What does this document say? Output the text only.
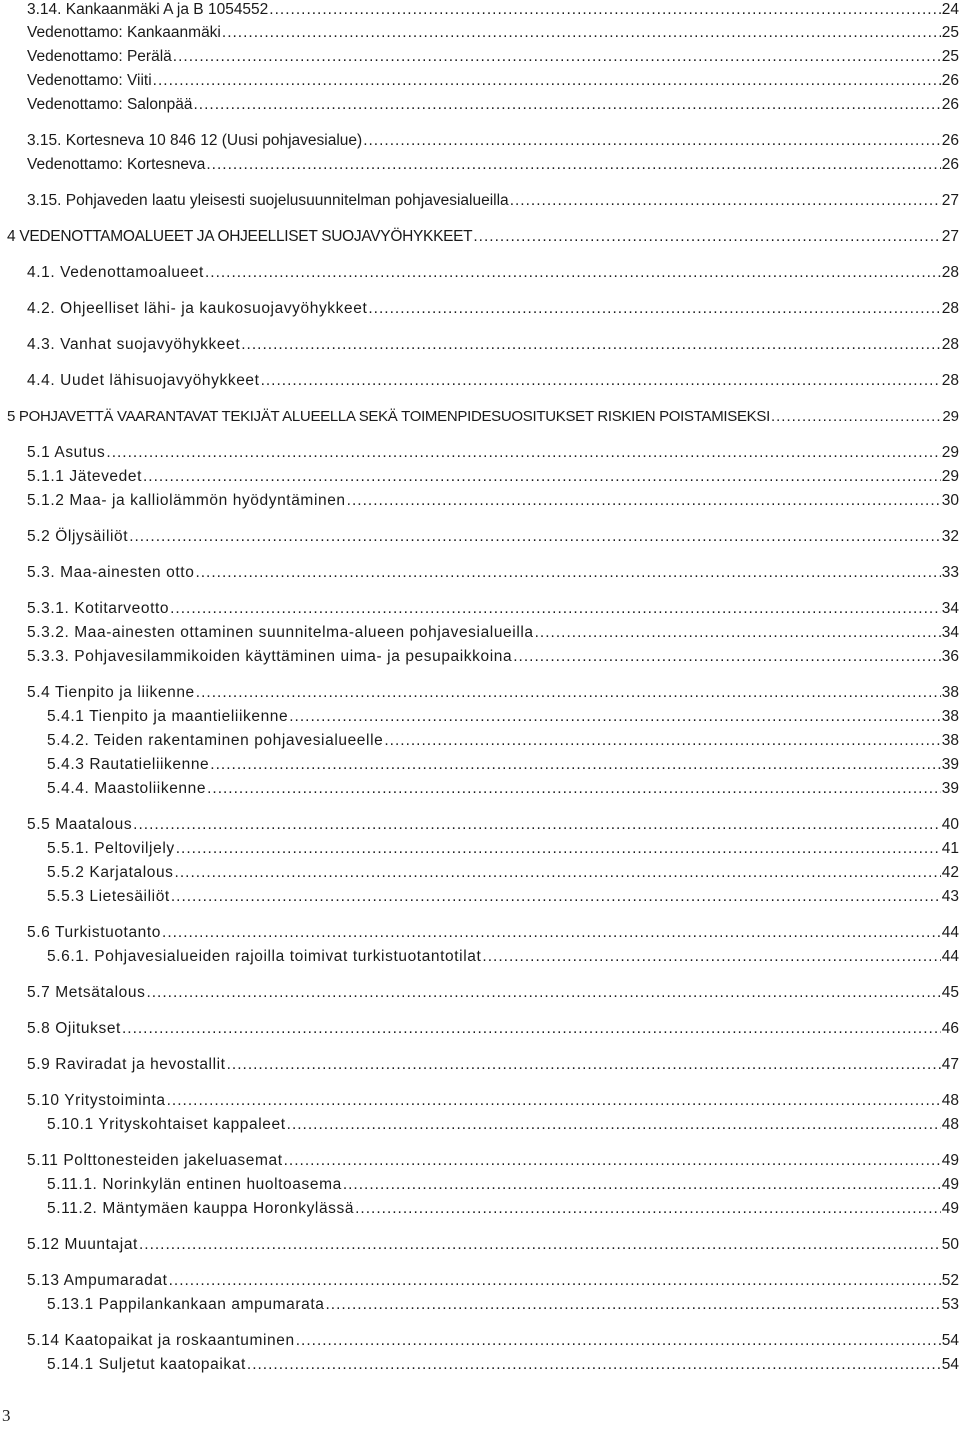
3.14. Kankaanmäki A ja B 1054552 .....	24
Vedenottamo: Kankaanmäki .....	25
Vedenottamo: Perälä .....	25
Vedenottamo: Viiti .....	26
Vedenottamo: Salonpää .....	26
3.15. Kortesneva 10 846 12 (Uusi pohjavesialue) .....	26
Vedenottamo: Kortesneva .....	26
3.15. Pohjaveden laatu yleisesti suojelusuunnitelman pohjavesialueilla .....	27
4 VEDENOTTAMOALUEET JA OHJEELLISET SUOJAVYÖHYKKEET .....	27
4.1. Vedenottamoalueet .....	28
4.2. Ohjeelliset lähi- ja kaukosuojavyöhykkeet .....	28
4.3. Vanhat suojavyöhykkeet .....	28
4.4. Uudet lähisuojavyöhykkeet .....	28
5 POHJAVETTÄ VAARANTAVAT TEKIJÄT ALUEELLA SEKÄ TOIMENPIDESUOSITUKSET RISKIEN POISTAMISEKSI .....	29
5.1 Asutus .....	29
5.1.1 Jätevedet .....	29
5.1.2 Maa- ja kalliolämmön hyödyntäminen .....	30
5.2 Öljysäiliöt .....	32
5.3. Maa-ainesten otto .....	33
5.3.1. Kotitarveotto .....	34
5.3.2. Maa-ainesten ottaminen suunnitelma-alueen pohjavesialueilla .....	34
5.3.3. Pohjavesilammikoiden käyttäminen uima- ja pesupaikkoina .....	36
5.4 Tienpito ja liikenne .....	38
5.4.1 Tienpito ja maantieliikenne .....	38
5.4.2. Teiden rakentaminen pohjavesialueelle .....	38
5.4.3 Rautatieliikenne .....	39
5.4.4. Maastoliikenne .....	39
5.5 Maatalous .....	40
5.5.1. Peltoviljely .....	41
5.5.2 Karjatalous .....	42
5.5.3 Lietesäiliöt .....	43
5.6 Turkistuotanto .....	44
5.6.1. Pohjavesialueiden rajoilla toimivat turkistuotantotilat .....	44
5.7 Metsätalous .....	45
5.8 Ojitukset .....	46
5.9 Raviradat ja hevostallit .....	47
5.10 Yritystoiminta .....	48
5.10.1 Yrityskohtaiset kappaleet .....	48
5.11 Polttonesteiden jakeluasemat .....	49
5.11.1. Norinkylän entinen huoltoasema .....	49
5.11.2. Mäntymäen kauppa Horonkylässä .....	49
5.12 Muuntajat .....	50
5.13 Ampumaradat .....	52
5.13.1 Pappilankankaan ampumarata .....	53
5.14 Kaatopaikat ja roskaantuminen .....	54
5.14.1 Suljetut kaatopaikat .....	54
3
